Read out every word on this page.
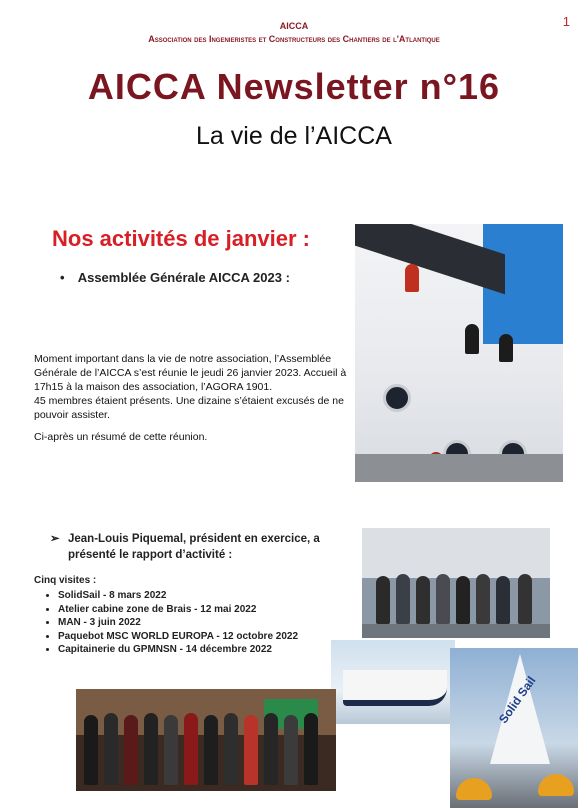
1
AICCA
Association des Ingenieristes et Constructeurs des Chantiers de l'Atlantique
AICCA Newsletter n°16
La vie de l’AICCA
Nos activités de janvier :
• Assemblée Générale AICCA 2023 :

Moment important dans la vie de notre association, l’Assemblée Générale de l’AICCA s’est réunie le jeudi 26 janvier 2023. Accueil à 17h15 à la maison des association, l’AGORA 1901.

45 membres étaient présents. Une dizaine s’étaient excusés de ne pouvoir assister.

Ci-après un résumé de cette réunion.

➢ Jean-Louis Piquemal, président en exercice, a présenté le rapport d’activité :
Cinq visites :
• SolidSail - 8 mars 2022
• Atelier cabine zone de Brais - 12 mai 2022
• MAN - 3 juin 2022
• Paquebot MSC WORLD EUROPA - 12 octobre 2022
• Capitainerie du GPMNSN - 14 décembre 2022
Solid Sail
